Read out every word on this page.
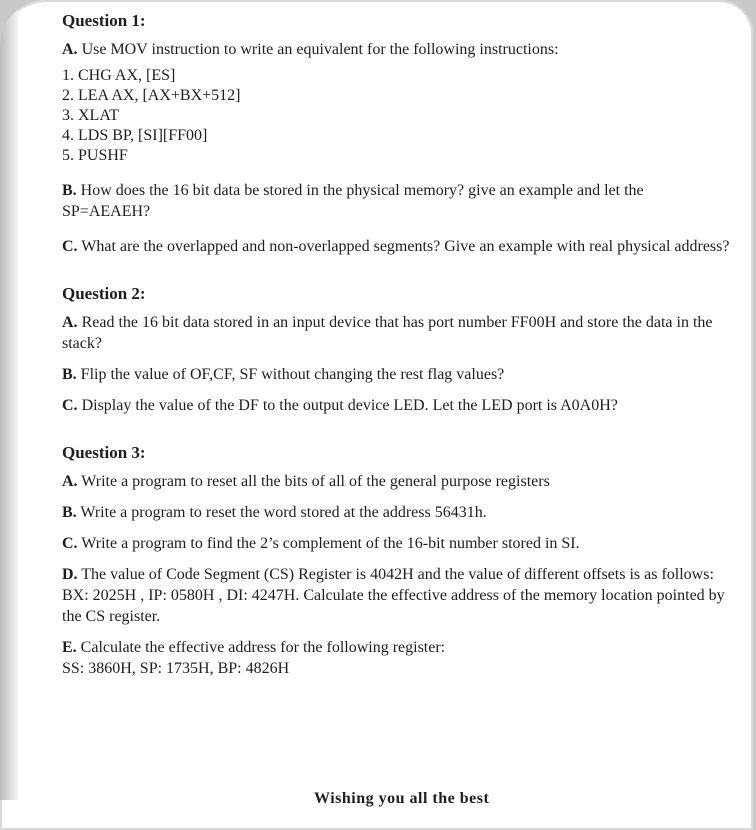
Question 1:

A. Use MOV instruction to write an equivalent for the following instructions:

1. CHG AX, [ES]
2. LEA AX, [AX+BX+512]
3. XLAT
4. LDS BP, [SI][FF00]
5. PUSHF

B. How does the 16 bit data be stored in the physical memory? give an example and let the SP=AEAEH?

C. What are the overlapped and non-overlapped segments? Give an example with real physical address?

Question 2:

A. Read the 16 bit data stored in an input device that has port number FF00H and store the data in the stack?

B. Flip the value of OF,CF, SF without changing the rest flag values?

C. Display the value of the DF to the output device LED. Let the LED port is A0A0H?

Question 3:

A. Write a program to reset all the bits of all of the general purpose registers

B. Write a program to reset the word stored at the address 56431h.

C. Write a program to find the 2’s complement of the 16-bit number stored in SI.

D. The value of Code Segment (CS) Register is 4042H and the value of different offsets is as follows: BX: 2025H , IP: 0580H , DI: 4247H. Calculate the effective address of the memory location pointed by the CS register.

E. Calculate the effective address for the following register:
SS: 3860H, SP: 1735H, BP: 4826H

Wishing you all the best
